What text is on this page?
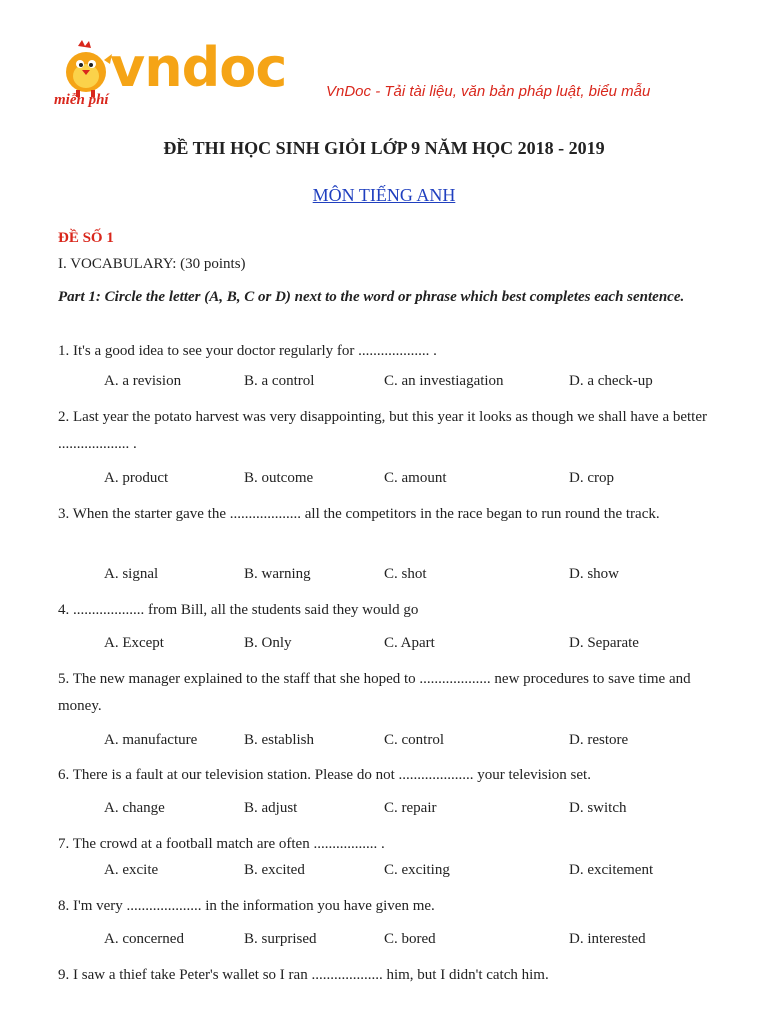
vndoc
miễn phí	VnDoc - Tải tài liệu, văn bản pháp luật, biểu mẫu
ĐỀ THI HỌC SINH GIỎI LỚP 9 NĂM HỌC 2018 - 2019
MÔN TIẾNG ANH
ĐỀ SỐ 1
I. VOCABULARY: (30 points)
Part 1: Circle the letter (A, B, C or D) next to the word or phrase which best completes each sentence.
1. It's a good idea to see your doctor regularly for ................... .
A. a revision	B. a control	C. an investiagation	D. a check-up
2. Last year the potato harvest was very disappointing, but this year it looks as though we shall have a better ................... .
A. product	B. outcome	C. amount	D. crop
3. When the starter gave the ................... all the competitors in the race began to run round the track.
A. signal	B. warning	C. shot	D. show
4. ................... from Bill, all the students said they would go
A. Except	B. Only	C. Apart	D. Separate
5. The new manager explained to the staff that she hoped to ................... new procedures to save time and money.
A. manufacture	B. establish	C. control	D. restore
6. There is a fault at our television station. Please do not .................... your television set.
A. change	B. adjust	C. repair	D. switch
7. The crowd at a football match are often ................. .
A. excite	B. excited	C. exciting	D. excitement
8. I'm very .................... in the information you have given me.
A. concerned	B. surprised	C. bored	D. interested
9. I saw a thief take Peter's wallet so I ran ................... him, but I didn't catch him.
